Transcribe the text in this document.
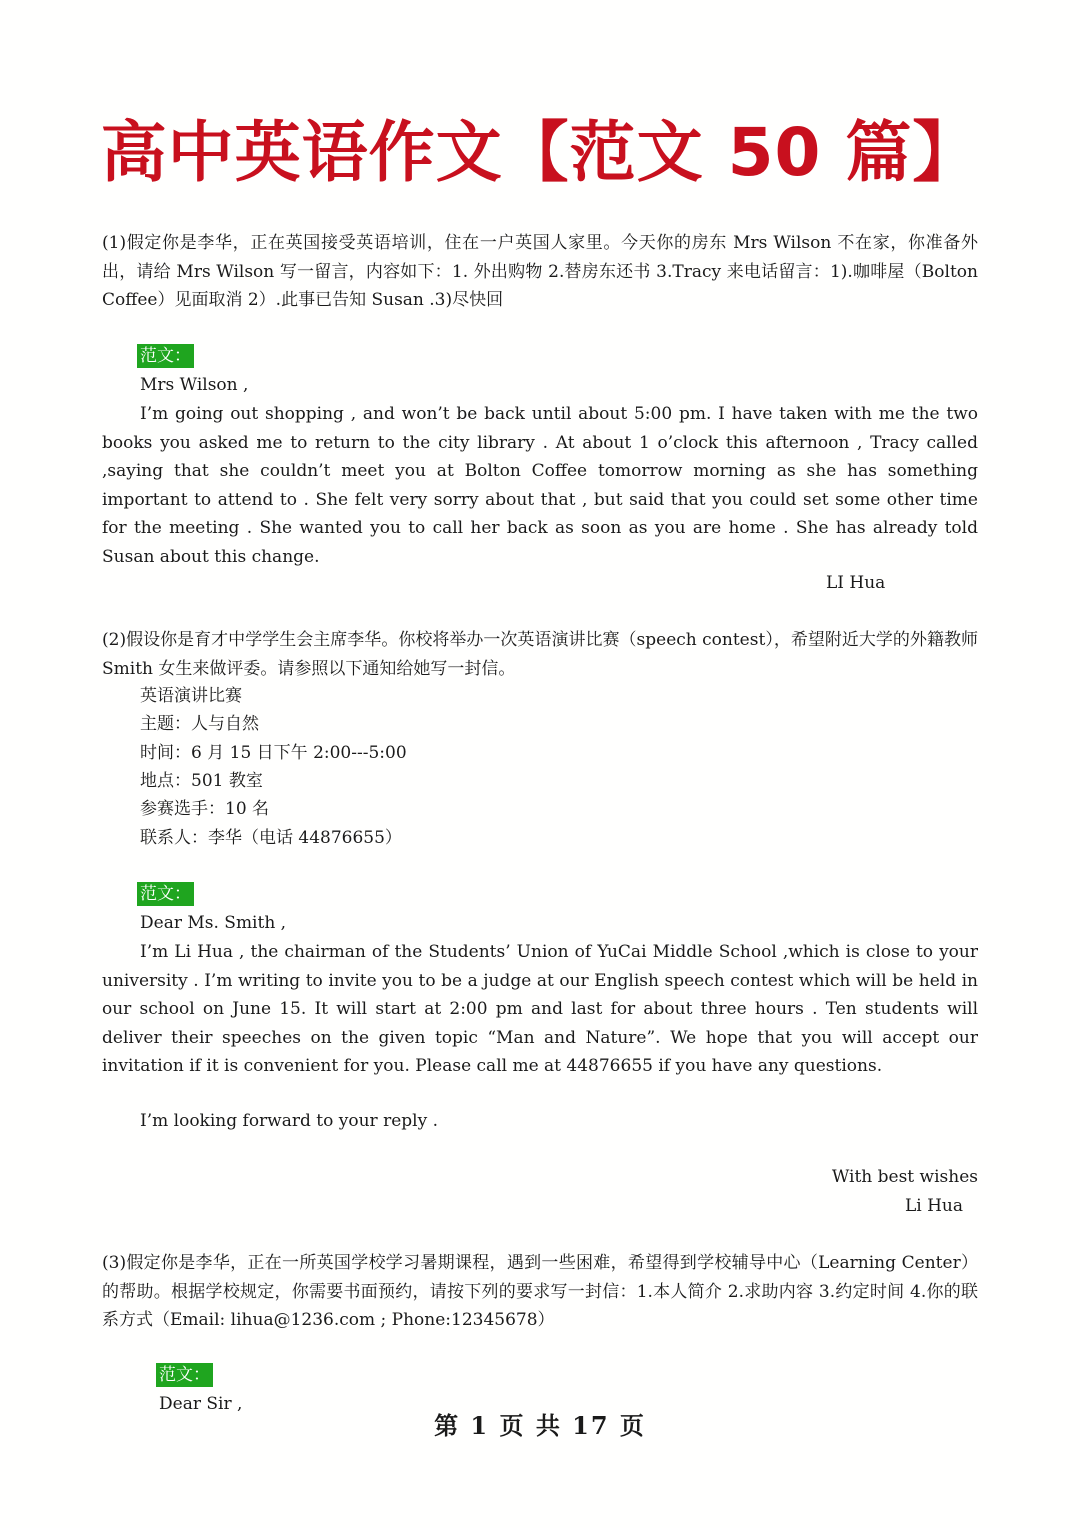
高中英语作文【范文 50 篇】
(1)假定你是李华，正在英国接受英语培训，住在一户英国人家里。今天你的房东 Mrs Wilson 不在家，你准备外出，请给 Mrs Wilson 写一留言，内容如下：1. 外出购物 2.替房东还书 3.Tracy 来电话留言：1).咖啡屋（Bolton Coffee）见面取消 2）.此事已告知 Susan .3)尽快回
范文：
Mrs Wilson ,
I’m going out shopping , and won’t be back until about 5:00 pm. I have taken with me the two books you asked me to return to the city library . At about 1 o’clock this afternoon , Tracy called ,saying that she couldn’t meet you at Bolton Coffee tomorrow morning as she has something important to attend to . She felt very sorry about that , but said that you could set some other time for the meeting . She wanted you to call her back as soon as you are home . She has already told Susan about this change.
LI Hua
(2)假设你是育才中学学生会主席李华。你校将举办一次英语演讲比赛（speech contest），希望附近大学的外籍教师 Smith 女生来做评委。请参照以下通知给她写一封信。
英语演讲比赛
主题：人与自然
时间：6 月 15 日下午 2:00---5:00
地点：501 教室
参赛选手：10 名
联系人：李华（电话 44876655）
范文：
Dear Ms. Smith ,
I’m Li Hua , the chairman of the Students’ Union of YuCai Middle School ,which is close to your university . I’m writing to invite you to be a judge at our English speech contest which will be held in our school on June 15. It will start at 2:00 pm and last for about three hours . Ten students will deliver their speeches on the given topic “Man and Nature”. We hope that you will accept our invitation if it is convenient for you. Please call me at 44876655 if you have any questions.
I’m looking forward to your reply .
With best wishes
Li Hua
(3)假定你是李华，正在一所英国学校学习暑期课程，遇到一些困难，希望得到学校辅导中心（Learning Center）的帮助。根据学校规定，你需要书面预约，请按下列的要求写一封信：1.本人简介 2.求助内容 3.约定时间 4.你的联系方式（Email: lihua@1236.com ; Phone:12345678）
范文：
Dear Sir ,
第 1 页 共 17 页
